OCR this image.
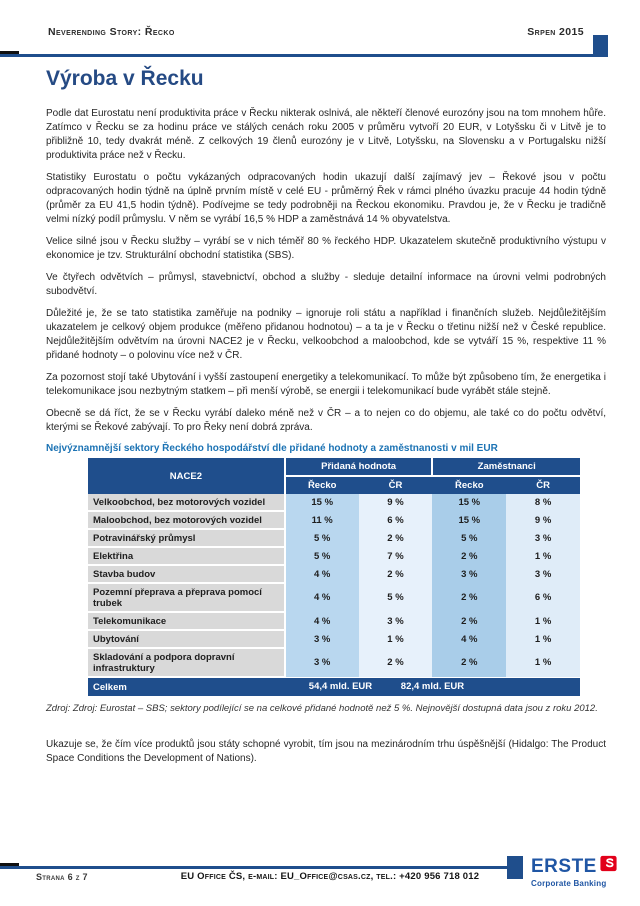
Neverending Story: Řecko	Srpen 2015
Výroba v Řecku

Podle dat Eurostatu není produktivita práce v Řecku nikterak oslnivá, ale někteří členové eurozóny jsou na tom mnohem hůře. Zatímco v Řecku se za hodinu práce ve stálých cenách roku 2005 v průměru vytvoří 20 EUR, v Lotyšsku či v Litvě je to přibližně 10, tedy dvakrát méně. Z celkových 19 členů eurozóny je v Litvě, Lotyšsku, na Slovensku a v Portugalsku nižší produktivita práce než v Řecku.

Statistiky Eurostatu o počtu vykázaných odpracovaných hodin ukazují další zajímavý jev – Řekové jsou v počtu odpracovaných hodin týdně na úplně prvním místě v celé EU - průměrný Řek v rámci plného úvazku pracuje 44 hodin týdně (průměr za EU 41,5 hodin týdně). Podívejme se tedy podrobněji na Řeckou ekonomiku. Pravdou je, že v Řecku je tradičně velmi nízký podíl průmyslu. V něm se vyrábí 16,5 % HDP a zaměstnává 14 % obyvatelstva.

Velice silné jsou v Řecku služby – vyrábí se v nich téměř 80 % řeckého HDP. Ukazatelem skutečně produktivního výstupu v ekonomice je tzv. Strukturální obchodní statistika (SBS).

Ve čtyřech odvětvích – průmysl, stavebnictví, obchod a služby - sleduje detailní informace na úrovni velmi podrobných subodvětví.

Důležité je, že se tato statistika zaměřuje na podniky – ignoruje roli státu a například i finančních služeb. Nejdůležitějším ukazatelem je celkový objem produkce (měřeno přidanou hodnotou) – a ta je v Řecku o třetinu nižší než v České republice. Nejdůležitějším odvětvím na úrovni NACE2 je v Řecku, velkoobchod a maloobchod, kde se vytváří 15 %, respektive 11 % přidané hodnoty – o polovinu více než v ČR.

Za pozornost stojí také Ubytování i vyšší zastoupení energetiky a telekomunikací. To může být způsobeno tím, že energetika i telekomunikace jsou nezbytným statkem – při menší výrobě, se energii i telekomunikací bude vyrábět stále stejně.

Obecně se dá říct, že se v Řecku vyrábí daleko méně než v ČR – a to nejen co do objemu, ale také co do počtu odvětví, kterými se Řekové zabývají. To pro Řeky není dobrá zpráva.

Nejvýznamnější sektory Řeckého hospodářství dle přidané hodnoty a zaměstnanosti v mil EUR
NACE2	Přidaná hodnota		Zaměstnanci	
	Řecko	ČR	Řecko	ČR
Velkoobchod, bez motorových vozidel	15 %	9 %	15 %	8 %
Maloobchod, bez motorových vozidel	11 %	6 %	15 %	9 %
Potravinářský průmysl	5 %	2 %	5 %	3 %
Elektřina	5 %	7 %	2 %	1 %
Stavba budov	4 %	2 %	3 %	3 %
Pozemní přeprava a přeprava pomocí trubek	4 %	5 %	2 %	6 %
Telekomunikace	4 %	3 %	2 %	1 %
Ubytování	3 %	1 %	4 %	1 %
Skladování a podpora dopravní infrastruktury	3 %	2 %	2 %	1 %
Celkem	54,4 mld. EUR 82,4 mld. EUR			

Zdroj: Zdroj: Eurostat – SBS; sektory podílející se na celkové přidané hodnotě než 5 %. Nejnovější dostupná data jsou z roku 2012.

Ukazuje se, že čím více produktů jsou státy schopné vyrobit, tím jsou na mezinárodním trhu úspěšnější (Hidalgo: The Product Space Conditions the Development of Nations).

Strana 6 z 7	EU Office ČS, e-mail: EU_Office@csas.cz, tel.: +420 956 718 012	ERSTE
Corporate Banking
